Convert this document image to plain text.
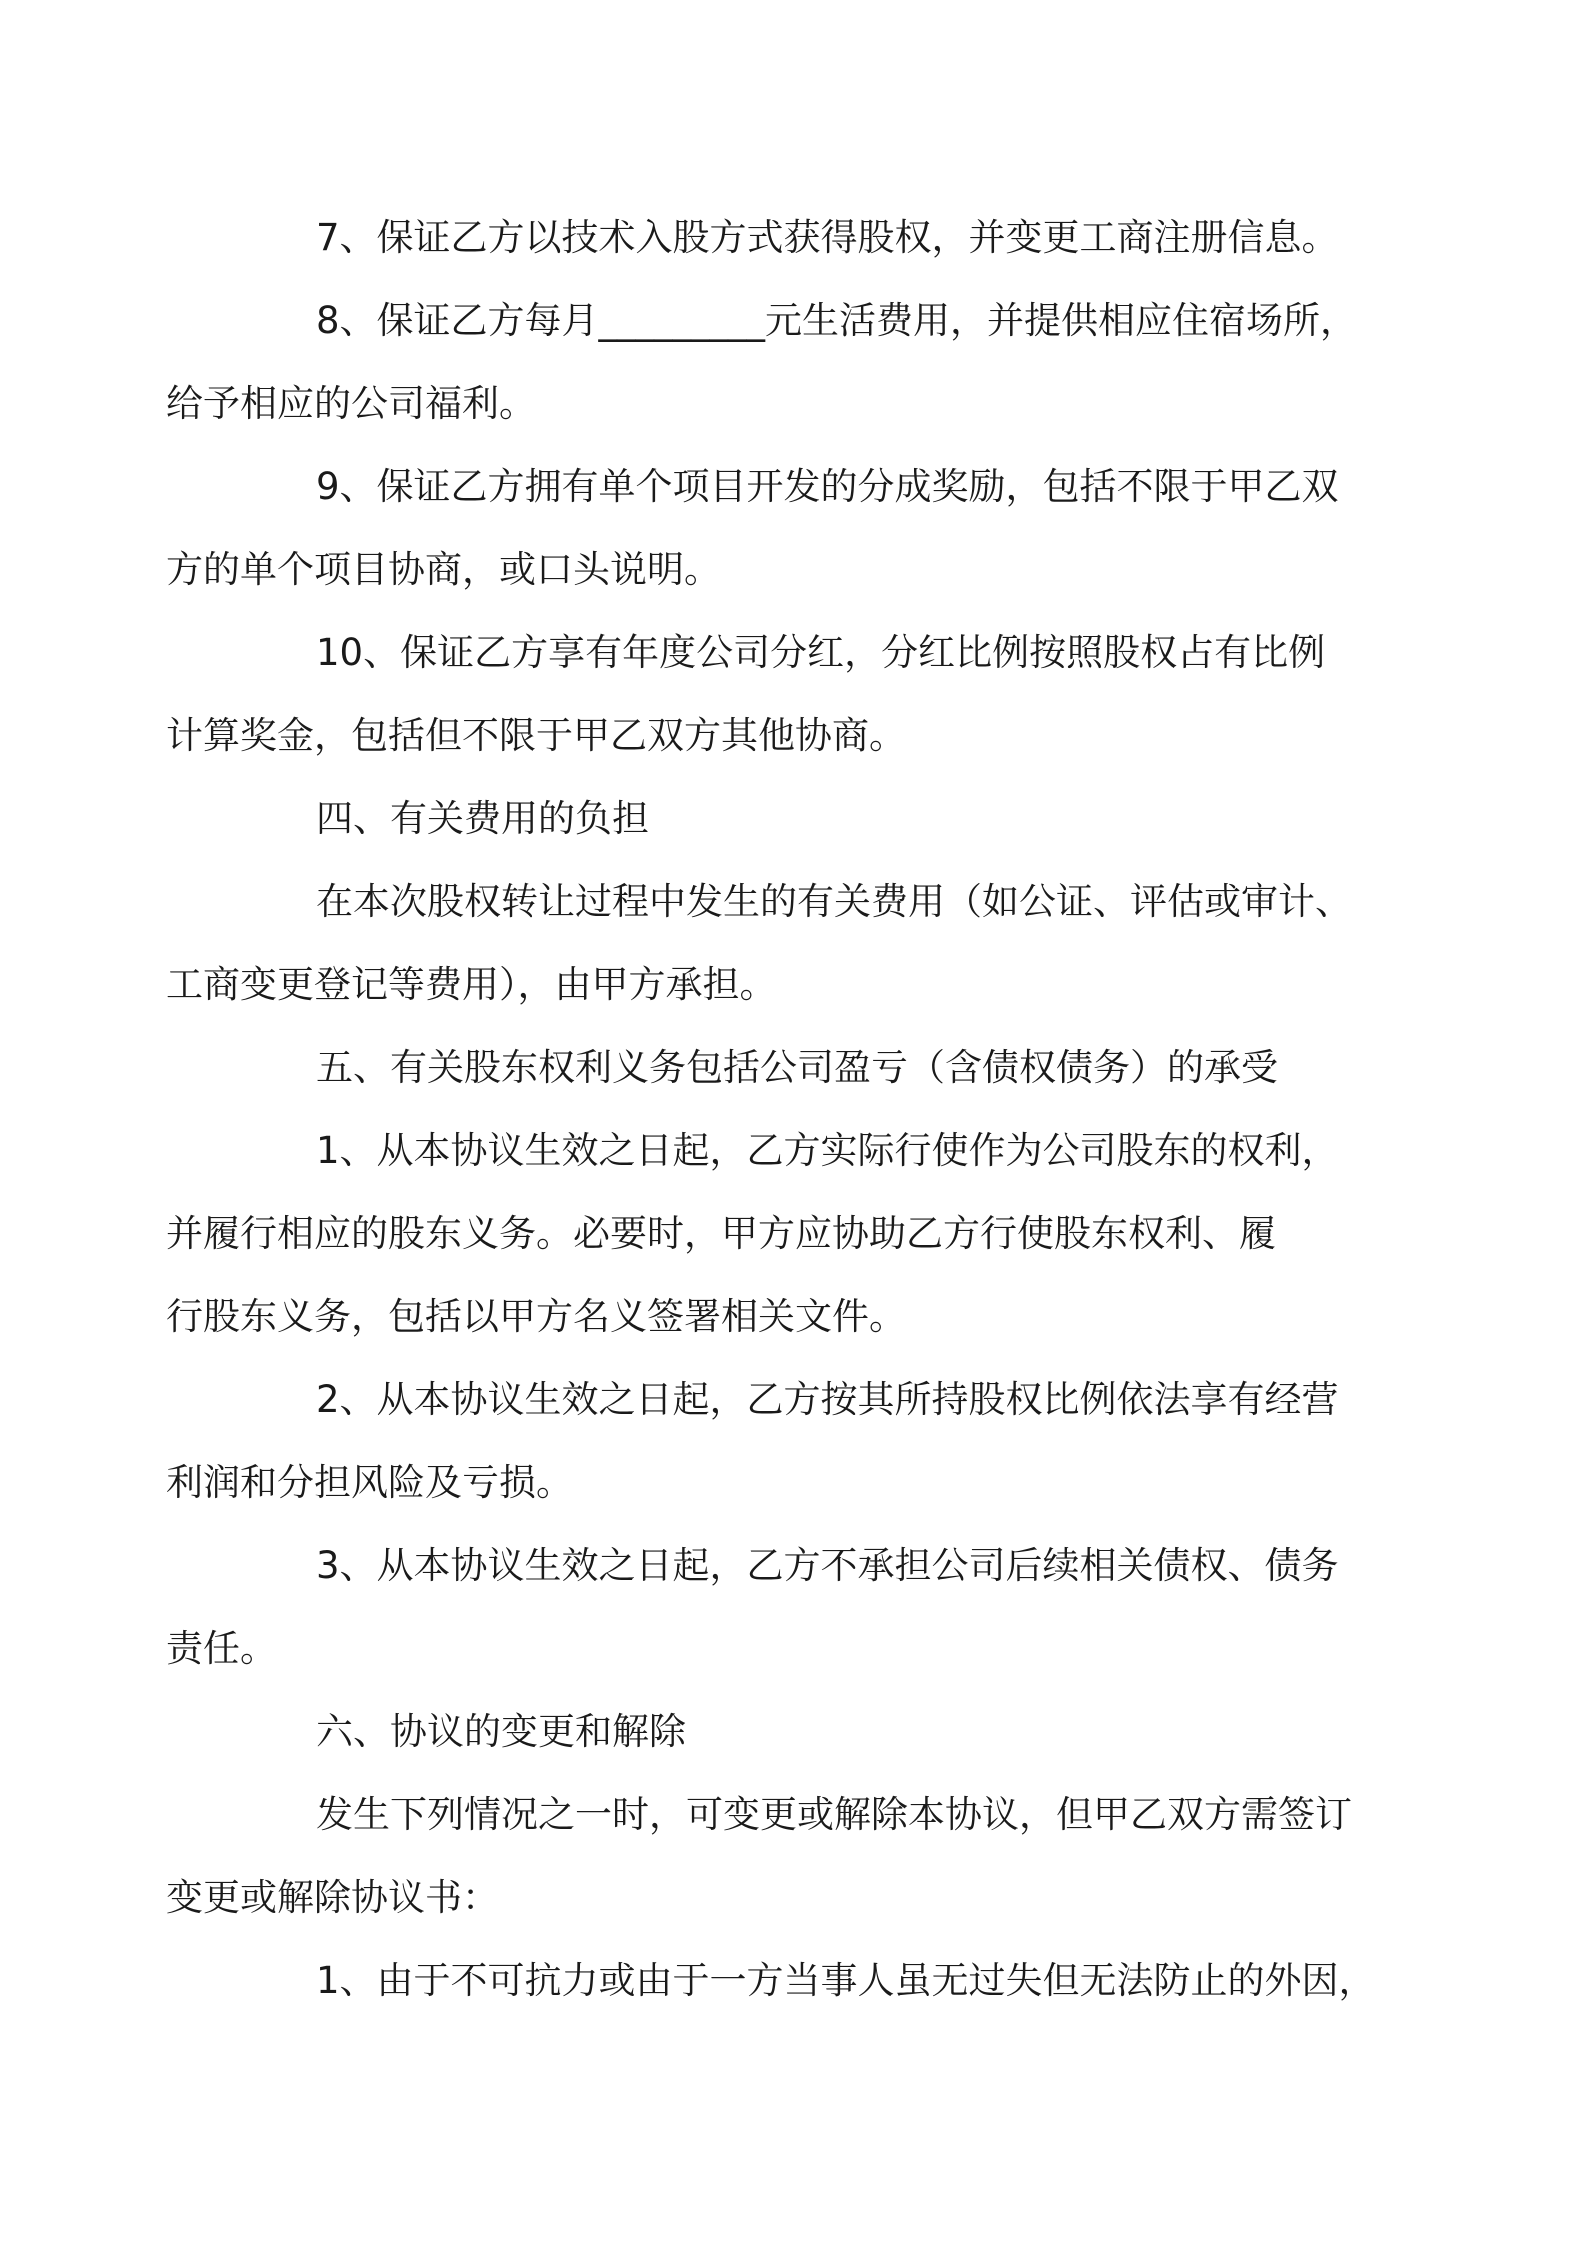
7、保证乙方以技术入股方式获得股权，并变更工商注册信息。

8、保证乙方每月_________元生活费用，并提供相应住宿场所，
给予相应的公司福利。

9、保证乙方拥有单个项目开发的分成奖励，包括不限于甲乙双
方的单个项目协商，或口头说明。

10、保证乙方享有年度公司分红，分红比例按照股权占有比例
计算奖金，包括但不限于甲乙双方其他协商。

四、有关费用的负担

在本次股权转让过程中发生的有关费用（如公证、评估或审计、
工商变更登记等费用），由甲方承担。

五、有关股东权利义务包括公司盈亏（含债权债务）的承受

1、从本协议生效之日起，乙方实际行使作为公司股东的权利，
并履行相应的股东义务。必要时，甲方应协助乙方行使股东权利、履
行股东义务，包括以甲方名义签署相关文件。

2、从本协议生效之日起，乙方按其所持股权比例依法享有经营
利润和分担风险及亏损。

3、从本协议生效之日起，乙方不承担公司后续相关债权、债务
责任。

六、协议的变更和解除

发生下列情况之一时，可变更或解除本协议，但甲乙双方需签订
变更或解除协议书：

1、由于不可抗力或由于一方当事人虽无过失但无法防止的外因，
